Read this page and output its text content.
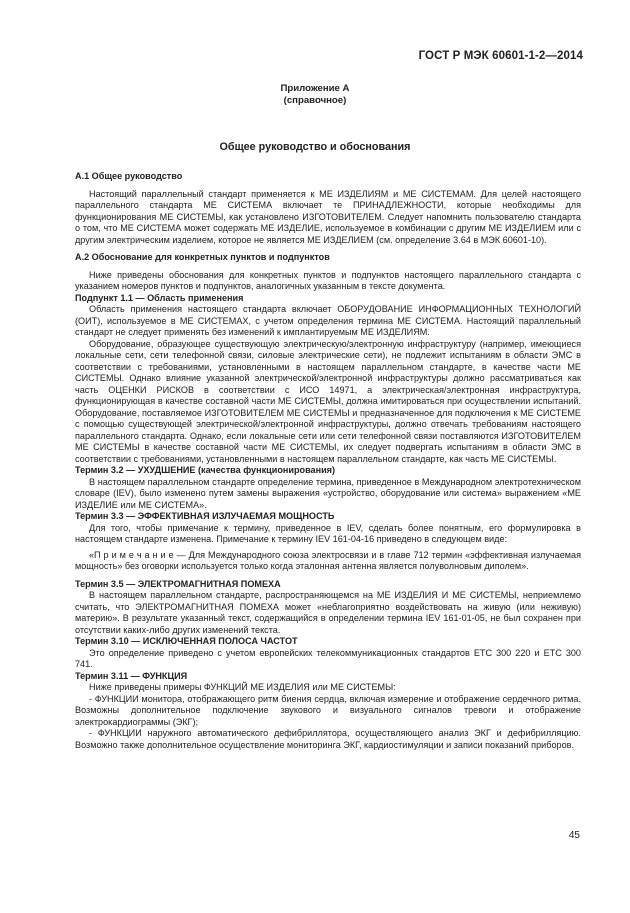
ГОСТ Р МЭК 60601-1-2—2014
Приложение А
(справочное)
Общее руководство и обоснования

А.1 Общее руководство

Настоящий параллельный стандарт применяется к МЕ ИЗДЕЛИЯМ и МЕ СИСТЕМАМ. Для целей настоящего параллельного стандарта МЕ СИСТЕМА включает те ПРИНАДЛЕЖНОСТИ, которые необходимы для функционирования МЕ СИСТЕМЫ, как установлено ИЗГОТОВИТЕЛЕМ. Следует напомнить пользователю стандарта о том, что МЕ СИСТЕМА может содержать МЕ ИЗДЕЛИЕ, используемое в комбинации с другим МЕ ИЗДЕЛИЕМ или с другим электрическим изделием, которое не является МЕ ИЗДЕЛИЕМ (см. определение 3.64 в МЭК 60601-10).

А.2 Обоснование для конкретных пунктов и подпунктов

Ниже приведены обоснования для конкретных пунктов и подпунктов настоящего параллельного стандарта с указанием номеров пунктов и подпунктов, аналогичных указанным в тексте документа.

Подпункт 1.1 — Область применения

Область применения настоящего стандарта включает ОБОРУДОВАНИЕ ИНФОРМАЦИОННЫХ ТЕХНОЛОГИЙ (ОИТ), используемое в МЕ СИСТЕМАХ, с учетом определения термина МЕ СИСТЕМА. Настоящий параллельный стандарт не следует применять без изменений к имплантируемым МЕ ИЗДЕЛИЯМ.

Оборудование, образующее существующую электрическую/электронную инфраструктуру (например, имеющиеся локальные сети, сети телефонной связи, силовые электрические сети), не подлежит испытаниям в области ЭМС в соответствии с требованиями, установленными в настоящем параллельном стандарте, в качестве части МЕ СИСТЕМЫ. Однако влияние указанной электрической/электронной инфраструктуры должно рассматриваться как часть ОЦЕНКИ РИСКОВ в соответствии с ИСО 14971, а электрическая/электронная инфраструктура, функционирующая в качестве составной части МЕ СИСТЕМЫ, должна имитироваться при осуществлении испытаний. Оборудование, поставляемое ИЗГОТОВИТЕЛЕМ МЕ СИСТЕМЫ и предназначенное для подключения к МЕ СИСТЕМЕ с помощью существующей электрической/электронной инфраструктуры, должно отвечать требованиям настоящего параллельного стандарта. Однако, если локальные сети или сети телефонной связи поставляются ИЗГОТОВИТЕЛЕМ МЕ СИСТЕМЫ в качестве составной части МЕ СИСТЕМЫ, их следует подвергать испытаниям в области ЭМС в соответствии с требованиями, установленными в настоящем параллельном стандарте, как часть МЕ СИСТЕМЫ.

Термин 3.2 — УХУДШЕНИЕ (качества функционирования)

В настоящем параллельном стандарте определение термина, приведенное в Международном электротехническом словаре (IEV), было изменено путем замены выражения «устройство, оборудование или система» выражением «МЕ ИЗДЕЛИЕ или МЕ СИСТЕМА».

Термин 3.3 — ЭФФЕКТИВНАЯ ИЗЛУЧАЕМАЯ МОЩНОСТЬ

Для того, чтобы примечание к термину, приведенное в IEV, сделать более понятным, его формулировка в настоящем стандарте изменена. Примечание к термину IEV 161-04-16 приведено в следующем виде:

«П р и м е ч а н и е — Для Международного союза электросвязи и в главе 712 термин «эффективная излучаемая мощность» без оговорки используется только когда эталонная антенна является полуволновым диполем».

Термин 3.5 — ЭЛЕКТРОМАГНИТНАЯ ПОМЕХА

В настоящем параллельном стандарте, распространяющемся на МЕ ИЗДЕЛИЯ И МЕ СИСТЕМЫ, неприемлемо считать, что ЭЛЕКТРОМАГНИТНАЯ ПОМЕХА может «неблагоприятно воздействовать на живую (или неживую) материю». В результате указанный текст, содержащийся в определении термина IEV 161-01-05, не был сохранен при отсутствии каких-либо других изменений текста.

Термин 3.10 — ИСКЛЮЧЕННАЯ ПОЛОСА ЧАСТОТ

Это определение приведено с учетом европейских телекоммуникационных стандартов ЕТС 300 220 и ЕТС 300 741.

Термин 3.11 — ФУНКЦИЯ

Ниже приведены примеры ФУНКЦИЙ МЕ ИЗДЕЛИЯ или МЕ СИСТЕМЫ:

- ФУНКЦИИ монитора, отображающего ритм биения сердца, включая измерение и отображение сердечного ритма. Возможны дополнительное подключение звукового и визуального сигналов тревоги и отображение электрокардиограммы (ЭКГ);

- ФУНКЦИИ наружного автоматического дефибриллятора, осуществляющего анализ ЭКГ и дефибрилляцию. Возможно также дополнительное осуществление мониторинга ЭКГ, кардиостимуляции и записи показаний приборов.

45
